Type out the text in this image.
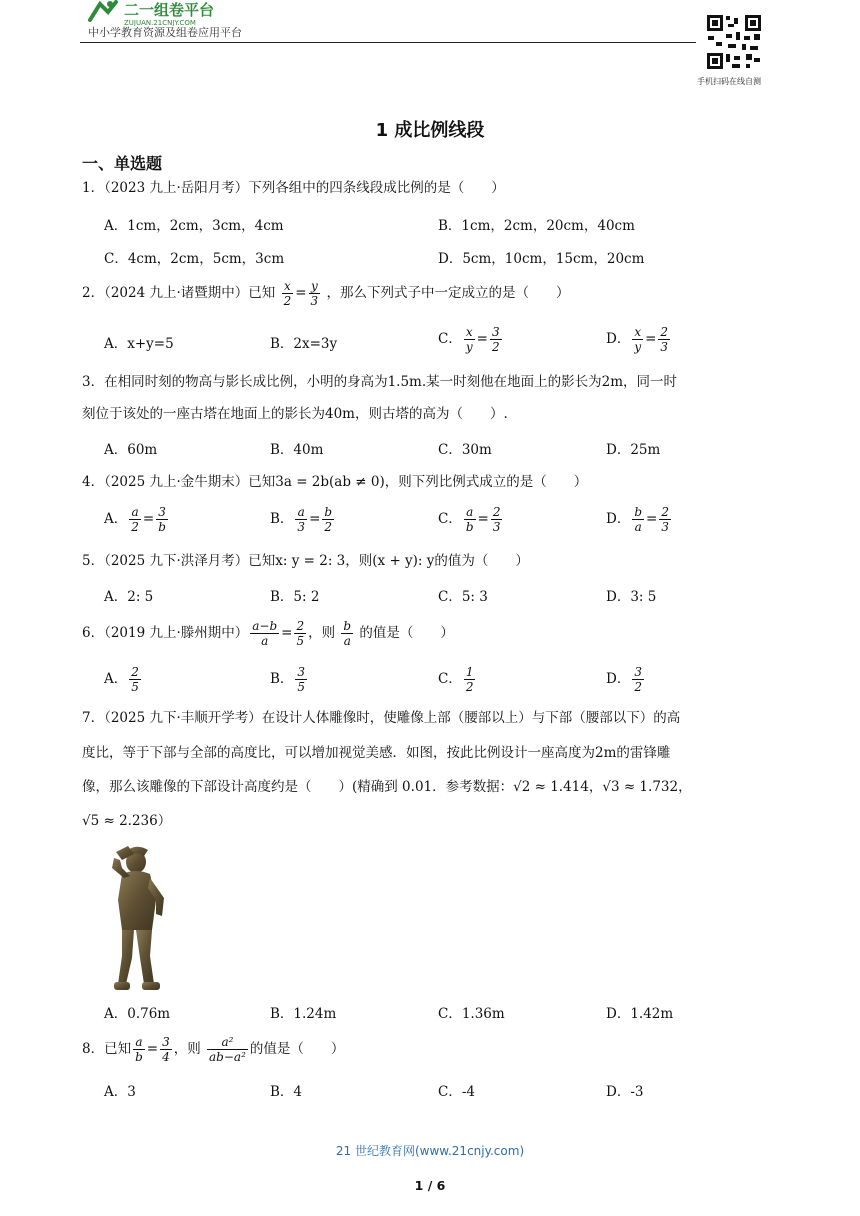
二一组卷平台
ZUJUAN.21CNJY.COM
中小学教育资源及组卷应用平台
手机扫码在线自测
1 成比例线段
一、单选题
1．（2023 九上·岳阳月考）下列各组中的四条线段成比例的是（　　）
A．1cm，2cm，3cm，4cm	B．1cm，2cm，20cm，40cm
C．4cm，2cm，5cm，3cm	D．5cm，10cm，15cm，20cm
2．（2024 九上·诸暨期中）已知 $\frac{x}{2} = \frac{y}{3}$ ，那么下列式子中一定成立的是（　　）
A．x+y=5	B．2x=3y	C． $\frac{x}{y} = \frac{3}{2}$	D． $\frac{x}{y} = \frac{2}{3}$
3．在相同时刻的物高与影长成比例，小明的身高为1.5m.某一时刻他在地面上的影长为2m，同一时
刻位于该处的一座古塔在地面上的影长为40m，则古塔的高为（　　）.
A．60m	B．40m	C．30m	D．25m
4．（2025 九上·金牛期末）已知3a = 2b(ab ≠ 0)，则下列比例式成立的是（　　）
A． $\frac{a}{2} = \frac{3}{b}$	B． $\frac{a}{3} = \frac{b}{2}$	C． $\frac{a}{b} = \frac{2}{3}$	D． $\frac{b}{a} = \frac{2}{3}$
5．（2025 九下·洪泽月考）已知x: y = 2: 3，则(x + y): y的值为（　　）
A．2: 5	B．5: 2	C．5: 3	D．3: 5
6．（2019 九上·滕州期中） $\frac{a-b}{a} = \frac{2}{5}$ ，则 $\frac{b}{a}$ 的值是（　　）
A． $\frac{2}{5}$	B． $\frac{3}{5}$	C． $\frac{1}{2}$	D． $\frac{3}{2}$
7．（2025 九下·丰顺开学考）在设计人体雕像时，使雕像上部（腰部以上）与下部（腰部以下）的高
度比，等于下部与全部的高度比，可以增加视觉美感．如图，按此比例设计一座高度为2m的雷锋雕
像，那么该雕像的下部设计高度约是（　　）(精确到 0.01．参考数据：√2 ≈ 1.414，√3 ≈ 1.732，
√5 ≈ 2.236）
A．0.76m	B．1.24m	C．1.36m	D．1.42m
8．已知 $\frac{a}{b} = \frac{3}{4}$ ，则 $\frac{\text{a²}}{\text{ab−a²}}$ 的值是（　　）
A．3	B．4	C．-4	D．-3
21 世纪教育网(www.21cnjy.com)
1 / 6
